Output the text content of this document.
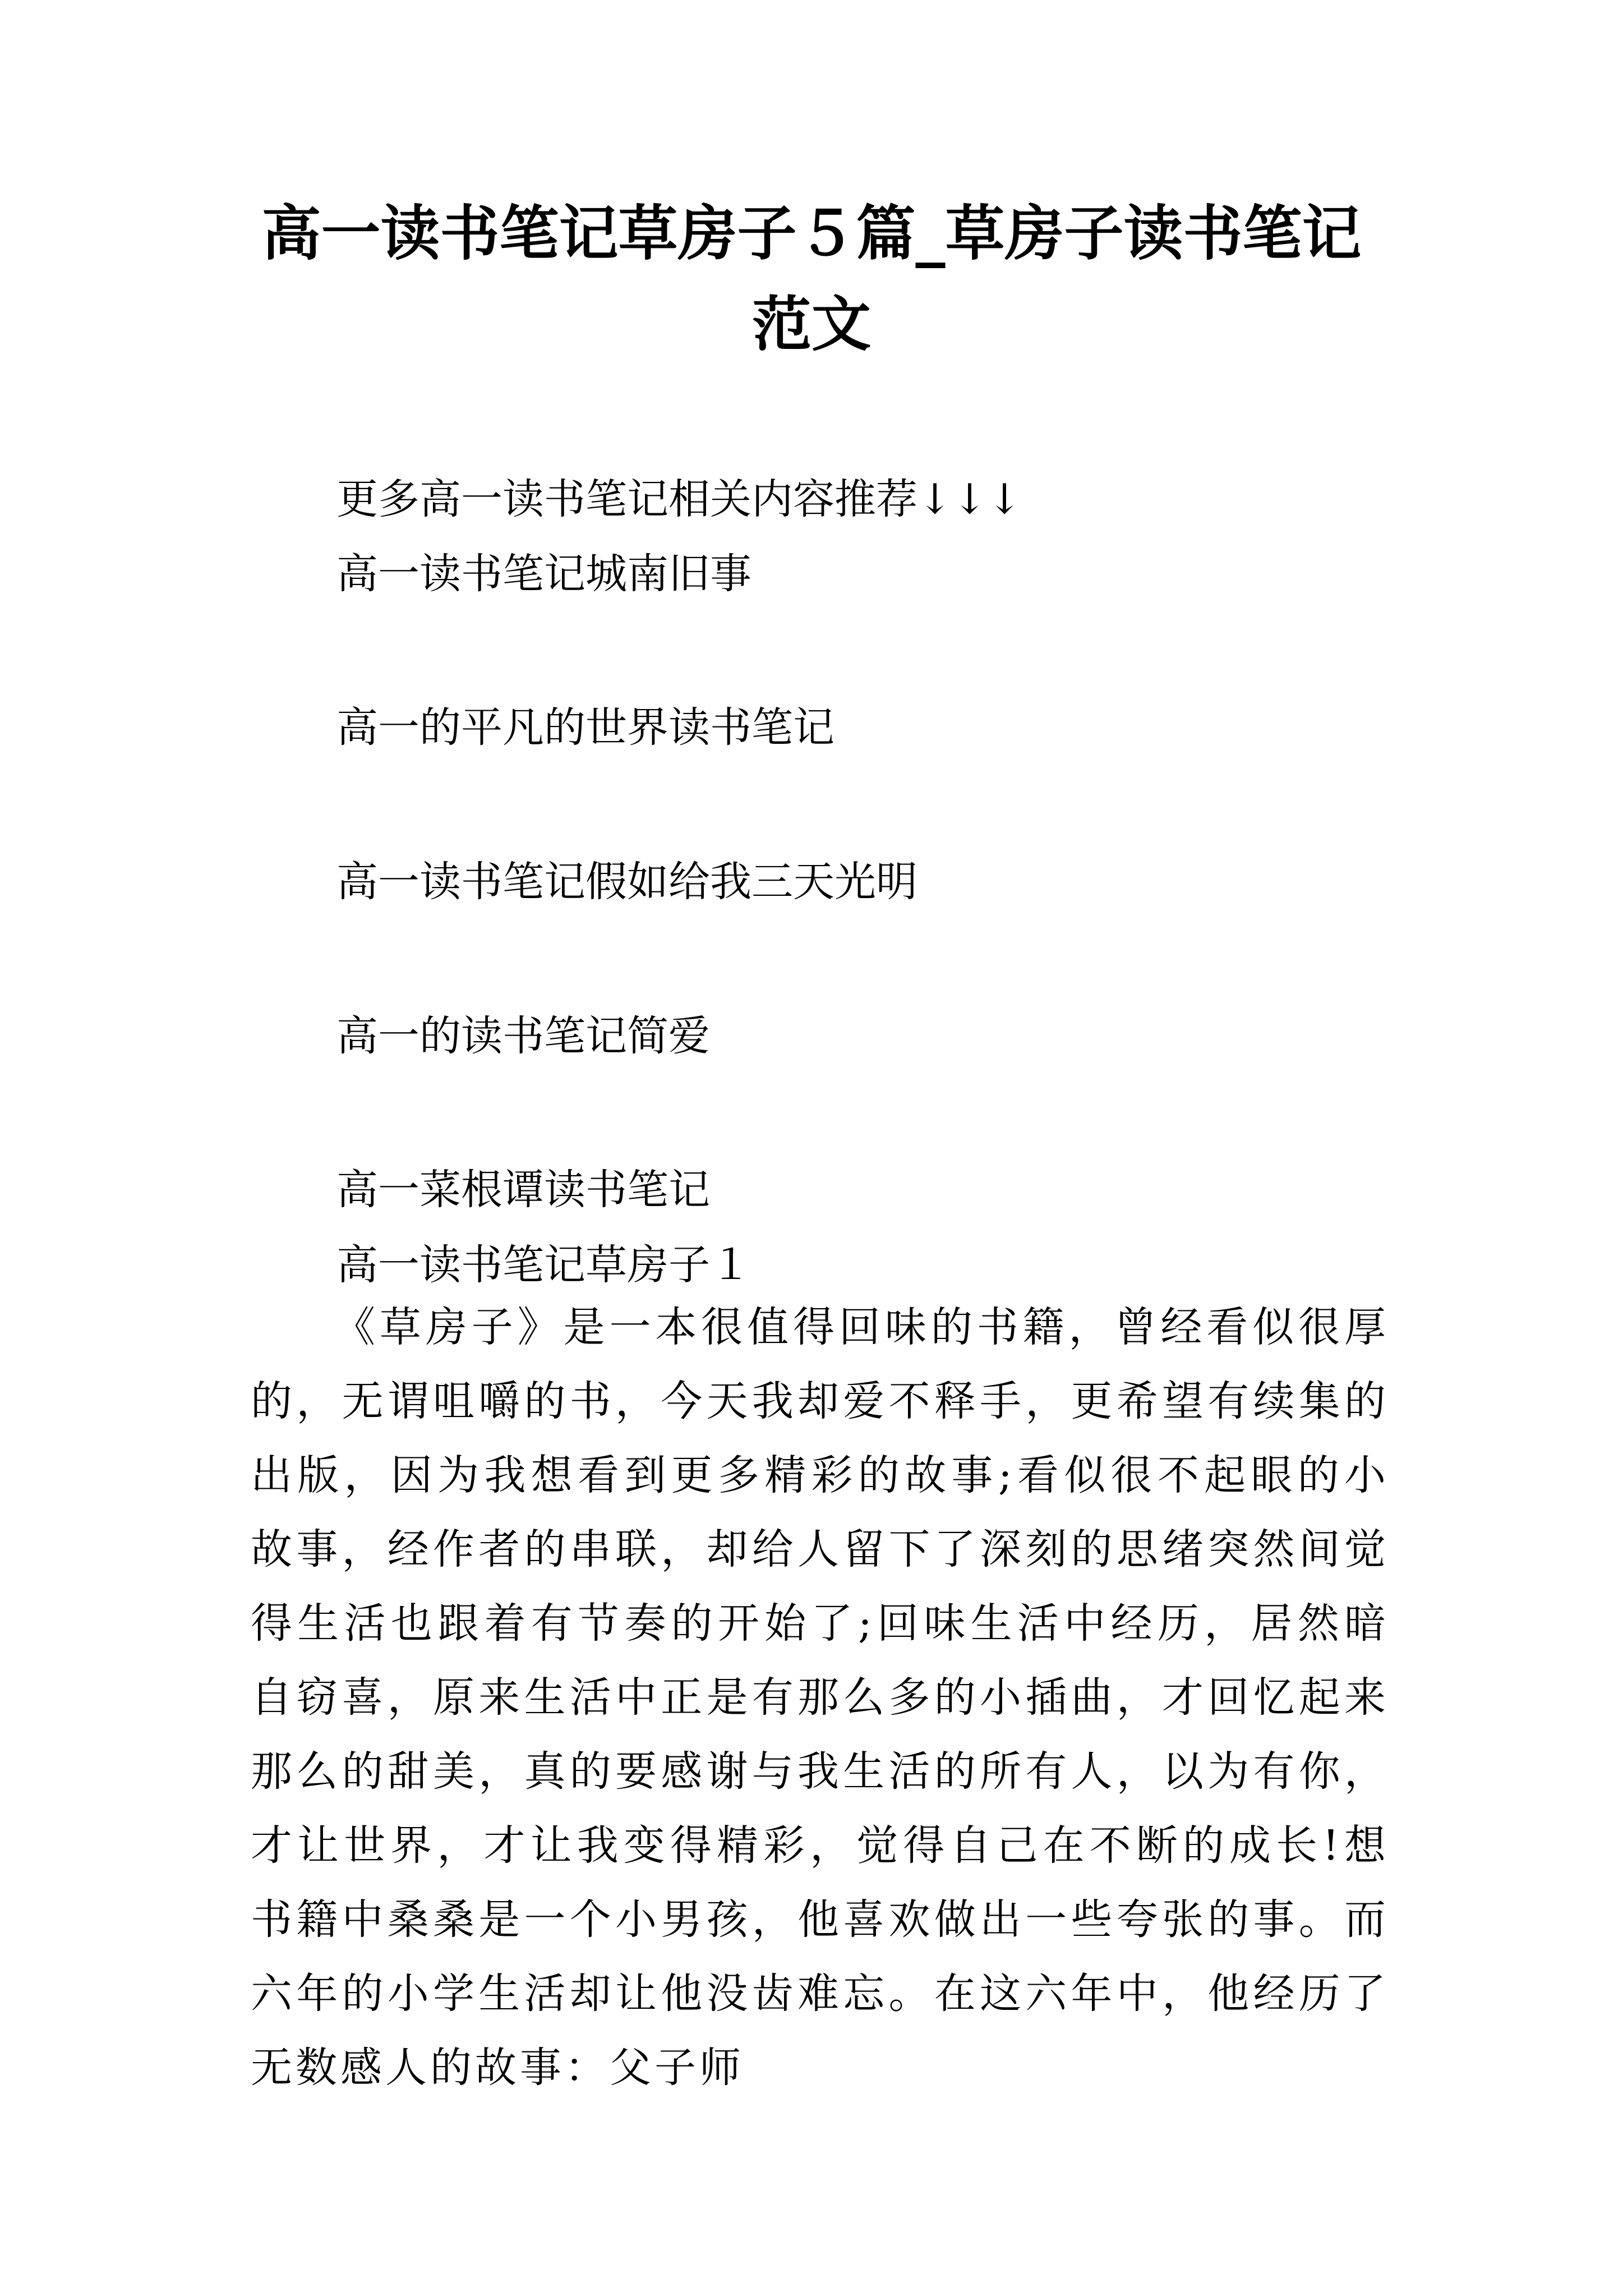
高一读书笔记草房子５篇_草房子读书笔记
范文

更多高一读书笔记相关内容推荐↓↓↓

高一读书笔记城南旧事

高一的平凡的世界读书笔记

高一读书笔记假如给我三天光明

高一的读书笔记简爱

高一菜根谭读书笔记

高一读书笔记草房子１

《草房子》是一本很值得回味的书籍，曾经看似很厚的，无谓咀嚼的书，今天我却爱不释手，更希望有续集的出版，因为我想看到更多精彩的故事;看似很不起眼的小故事，经作者的串联，却给人留下了深刻的思绪突然间觉得生活也跟着有节奏的开始了;回味生活中经历，居然暗自窃喜，原来生活中正是有那么多的小插曲，才回忆起来那么的甜美，真的要感谢与我生活的所有人，以为有你，才让世界，才让我变得精彩，觉得自己在不断的成长!想书籍中桑桑是一个小男孩，他喜欢做出一些夸张的事。而六年的小学生活却让他没齿难忘。在这六年中，他经历了无数感人的故事：父子师
